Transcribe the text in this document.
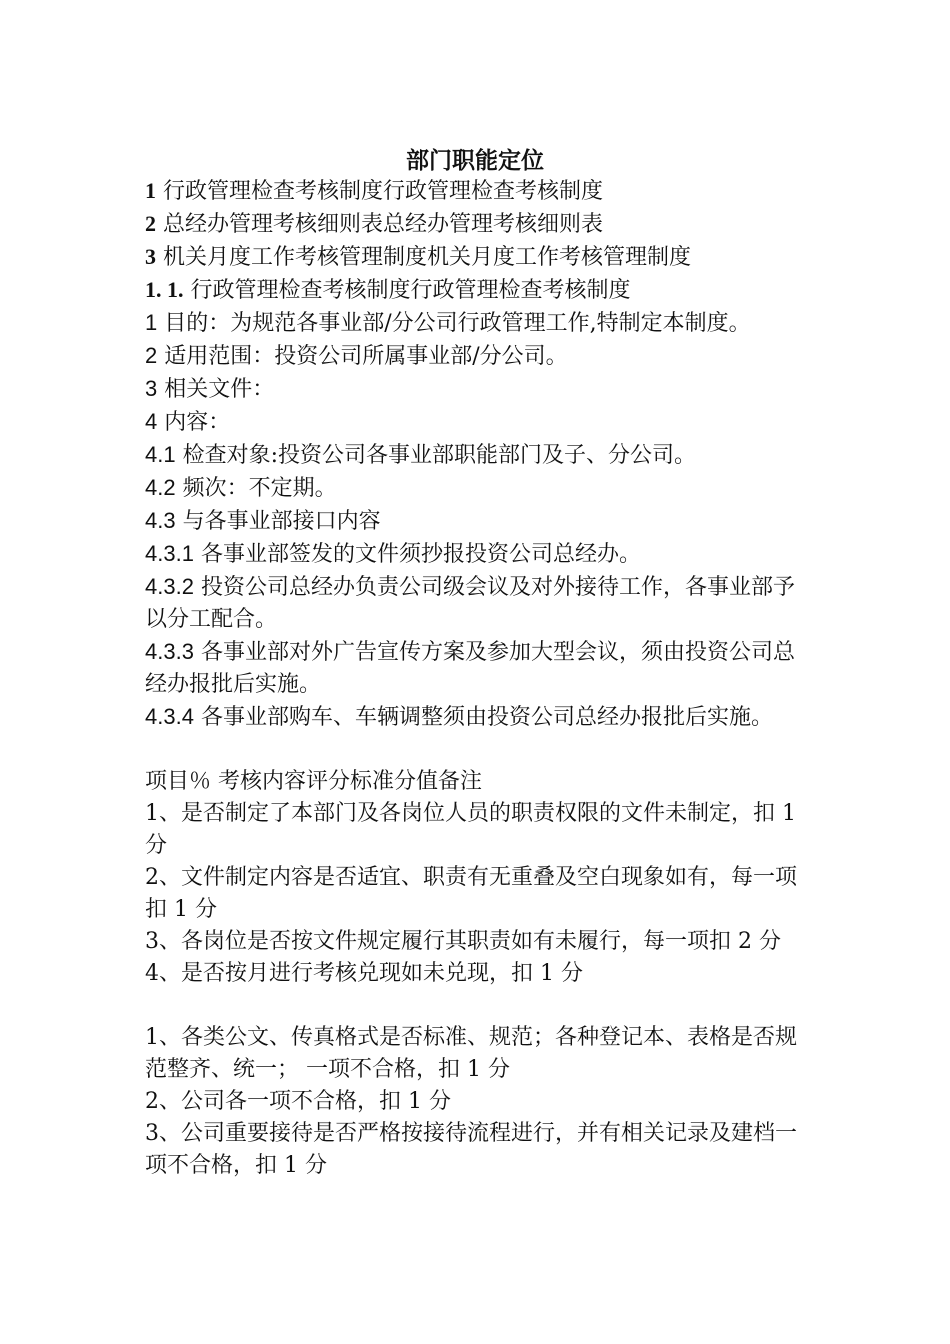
部门职能定位

1 行政管理检查考核制度行政管理检查考核制度

2 总经办管理考核细则表总经办管理考核细则表

3 机关月度工作考核管理制度机关月度工作考核管理制度

1. 1. 行政管理检查考核制度行政管理检查考核制度

1 目的：为规范各事业部/分公司行政管理工作,特制定本制度。

2 适用范围：投资公司所属事业部/分公司。

3 相关文件：

4 内容：

4.1 检查对象:投资公司各事业部职能部门及子、分公司。

4.2 频次：不定期。

4.3 与各事业部接口内容

4.3.1 各事业部签发的文件须抄报投资公司总经办。

4.3.2 投资公司总经办负责公司级会议及对外接待工作，各事业部予以分工配合。

4.3.3 各事业部对外广告宣传方案及参加大型会议，须由投资公司总经办报批后实施。

4.3.4 各事业部购车、车辆调整须由投资公司总经办报批后实施。

项目％ 考核内容评分标准分值备注

1、是否制定了本部门及各岗位人员的职责权限的文件未制定，扣 1 分

2、文件制定内容是否适宜、职责有无重叠及空白现象如有，每一项扣 1 分

3、各岗位是否按文件规定履行其职责如有未履行，每一项扣 2 分

4、是否按月进行考核兑现如未兑现，扣 1 分

1、各类公文、传真格式是否标准、规范；各种登记本、表格是否规范整齐、统一； 一项不合格，扣 1 分

2、公司各一项不合格，扣 1 分

3、公司重要接待是否严格按接待流程进行，并有相关记录及建档一项不合格，扣 1 分
